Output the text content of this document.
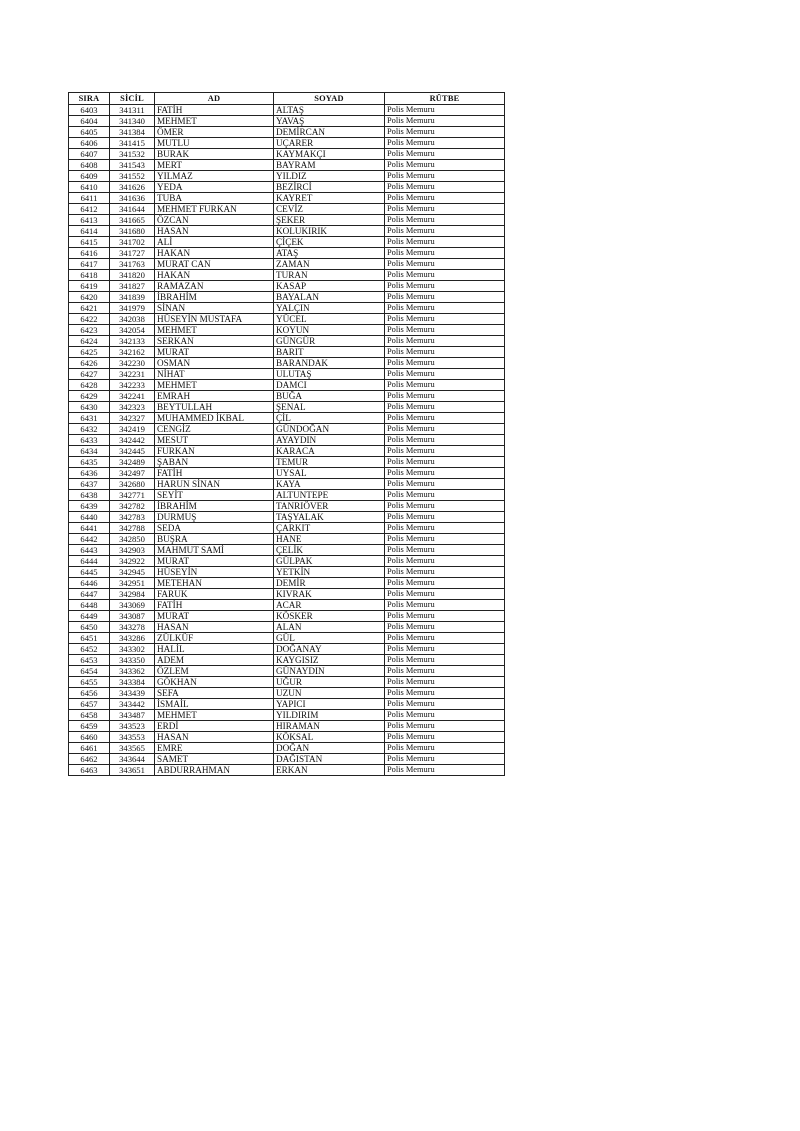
SIRA	SİCİL	AD	SOYAD	RÜTBE
6403	341311	FATİH	ALTAŞ	Polis Memuru
6404	341340	MEHMET	YAVAŞ	Polis Memuru
6405	341384	ÖMER	DEMİRCAN	Polis Memuru
6406	341415	MUTLU	UÇARER	Polis Memuru
6407	341532	BURAK	KAYMAKÇI	Polis Memuru
6408	341543	MERT	BAYRAM	Polis Memuru
6409	341552	YILMAZ	YILDIZ	Polis Memuru
6410	341626	YEDA	BEZİRCİ	Polis Memuru
6411	341636	TUBA	KAYRET	Polis Memuru
6412	341644	MEHMET FURKAN	CEVİZ	Polis Memuru
6413	341665	ÖZCAN	ŞEKER	Polis Memuru
6414	341680	HASAN	KOLUKIRIK	Polis Memuru
6415	341702	ALİ	ÇİÇEK	Polis Memuru
6416	341727	HAKAN	ATAŞ	Polis Memuru
6417	341763	MURAT CAN	ZAMAN	Polis Memuru
6418	341820	HAKAN	TURAN	Polis Memuru
6419	341827	RAMAZAN	KASAP	Polis Memuru
6420	341839	İBRAHİM	BAYALAN	Polis Memuru
6421	341979	SİNAN	YALÇIN	Polis Memuru
6422	342038	HÜSEYİN MUSTAFA	YÜCEL	Polis Memuru
6423	342054	MEHMET	KOYUN	Polis Memuru
6424	342133	SERKAN	GÜNGÜR	Polis Memuru
6425	342162	MURAT	BARIT	Polis Memuru
6426	342230	OSMAN	BARANDAK	Polis Memuru
6427	342231	NİHAT	ULUTAŞ	Polis Memuru
6428	342233	MEHMET	DAMCI	Polis Memuru
6429	342241	EMRAH	BUĞA	Polis Memuru
6430	342323	BEYTULLAH	ŞENAL	Polis Memuru
6431	342327	MUHAMMED İKBAL	ÇİL	Polis Memuru
6432	342419	CENGİZ	GÜNDOĞAN	Polis Memuru
6433	342442	MESUT	AYAYDIN	Polis Memuru
6434	342445	FURKAN	KARACA	Polis Memuru
6435	342489	ŞABAN	TEMUR	Polis Memuru
6436	342497	FATİH	UYSAL	Polis Memuru
6437	342680	HARUN SİNAN	KAYA	Polis Memuru
6438	342771	SEYİT	ALTUNTEPE	Polis Memuru
6439	342782	İBRAHİM	TANRIÖVER	Polis Memuru
6440	342783	DURMUŞ	TAŞYALAK	Polis Memuru
6441	342788	SEDA	ÇARKIT	Polis Memuru
6442	342850	BUŞRA	HANE	Polis Memuru
6443	342903	MAHMUT SAMİ	ÇELİK	Polis Memuru
6444	342922	MURAT	GÜLPAK	Polis Memuru
6445	342945	HÜSEYİN	YETKİN	Polis Memuru
6446	342951	METEHAN	DEMİR	Polis Memuru
6447	342984	FARUK	KIVRAK	Polis Memuru
6448	343069	FATİH	ACAR	Polis Memuru
6449	343087	MURAT	KÖSKER	Polis Memuru
6450	343278	HASAN	ALAN	Polis Memuru
6451	343286	ZÜLKÜF	GÜL	Polis Memuru
6452	343302	HALİL	DOĞANAY	Polis Memuru
6453	343350	ADEM	KAYGISIZ	Polis Memuru
6454	343362	ÖZLEM	GÜNAYDIN	Polis Memuru
6455	343384	GÖKHAN	UĞUR	Polis Memuru
6456	343439	SEFA	UZUN	Polis Memuru
6457	343442	İSMAİL	YAPICI	Polis Memuru
6458	343487	MEHMET	YILDIRIM	Polis Memuru
6459	343523	ERDİ	HIRAMAN	Polis Memuru
6460	343553	HASAN	KÖKSAL	Polis Memuru
6461	343565	EMRE	DOĞAN	Polis Memuru
6462	343644	SAMET	DAĞISTAN	Polis Memuru
6463	343651	ABDURRAHMAN	ERKAN	Polis Memuru
